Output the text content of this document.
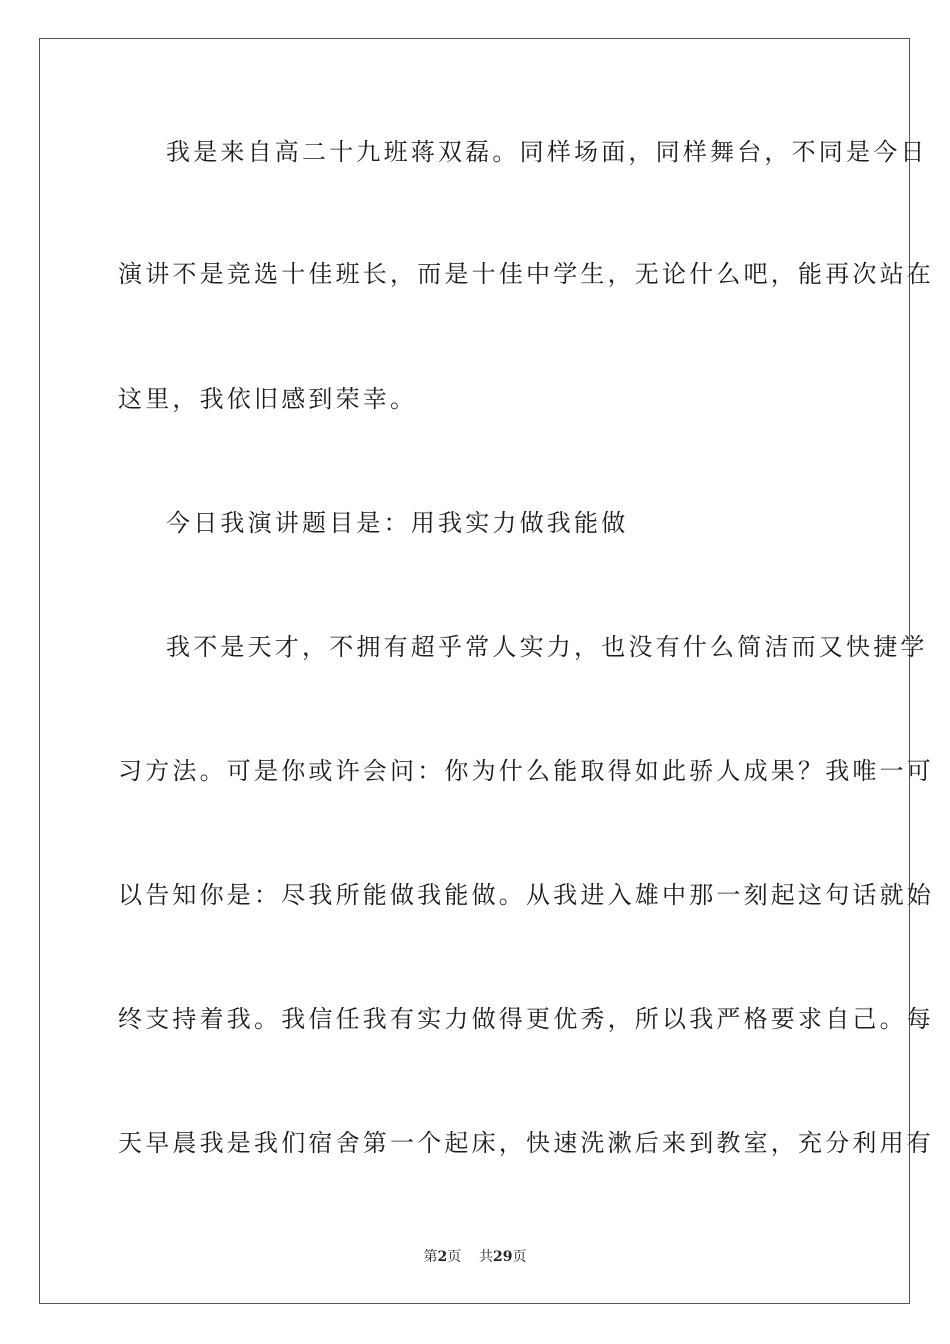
我是来自高二十九班蒋双磊。同样场面，同样舞台，不同是今日
演讲不是竞选十佳班长，而是十佳中学生，无论什么吧，能再次站在
这里，我依旧感到荣幸。
今日我演讲题目是：用我实力做我能做
我不是天才，不拥有超乎常人实力，也没有什么简洁而又快捷学
习方法。可是你或许会问：你为什么能取得如此骄人成果？我唯一可
以告知你是：尽我所能做我能做。从我进入雄中那一刻起这句话就始
终支持着我。我信任我有实力做得更优秀，所以我严格要求自己。每
天早晨我是我们宿舍第一个起床，快速洗漱后来到教室，充分利用有
第2页 共29页
